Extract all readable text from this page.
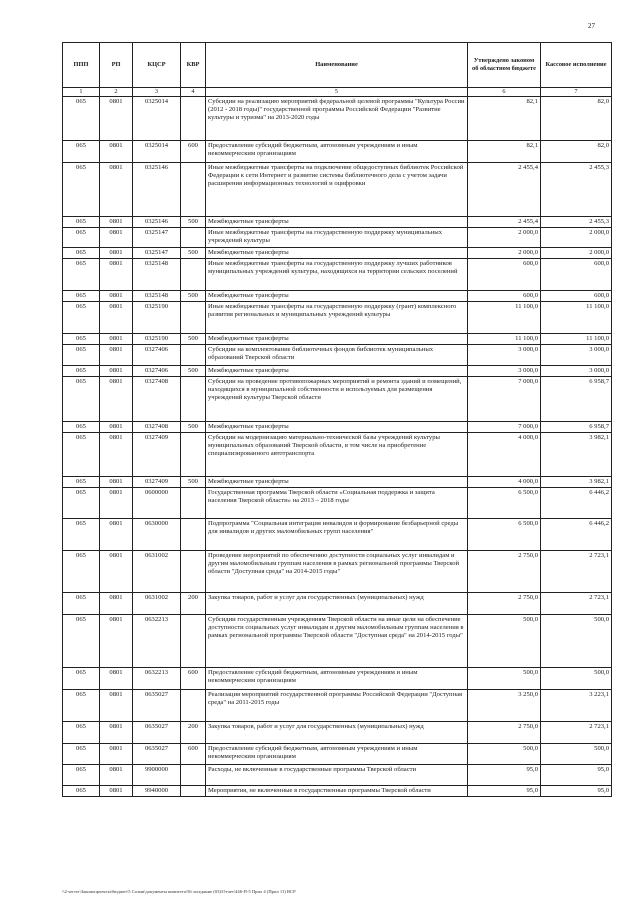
27
ППП	РП	КЦСР	КВР	Наименование	Утверждено законом об областном бюджете	Кассовое исполнение
1	2	3	4	5	6	7
065	0801	0325014		Субсидии на реализацию мероприятий федеральной целевой программы "Культура России (2012 - 2018 годы)" государственной программы Российской Федерации "Развитие культуры и туризма" на 2013-2020 годы	82,1	82,0
065	0801	0325014	600	Предоставление субсидий бюджетным, автономным учреждениям и иным некоммерческим организациям	82,1	82,0
065	0801	0325146		Иные межбюджетные трансферты на подключение общедоступных библиотек Российской Федерации к сети Интернет и развитие системы библиотечного дела с учетом задачи расширения информационных технологий и оцифровки	2 455,4	2 455,3
065	0801	0325146	500	Межбюджетные трансферты	2 455,4	2 455,3
065	0801	0325147		Иные межбюджетные трансферты на государственную поддержку муниципальных учреждений культуры	2 000,0	2 000,0
065	0801	0325147	500	Межбюджетные трансферты	2 000,0	2 000,0
065	0801	0325148		Иные межбюджетные трансферты на государственную поддержку лучших работников муниципальных учреждений культуры, находящихся на территории сельских поселений	600,0	600,0
065	0801	0325148	500	Межбюджетные трансферты	600,0	600,0
065	0801	0325190		Иные межбюджетные трансферты на государственную поддержку (грант) комплексного развития региональных и муниципальных учреждений культуры	11 100,0	11 100,0
065	0801	0325190	500	Межбюджетные трансферты	11 100,0	11 100,0
065	0801	0327406		Субсидии на комплектование библиотечных фондов библиотек муниципальных образований Тверской области	3 000,0	3 000,0
065	0801	0327406	500	Межбюджетные трансферты	3 000,0	3 000,0
065	0801	0327408		Субсидии на проведение противопожарных мероприятий и ремонта зданий и помещений, находящихся в муниципальной собственности и используемых для размещения учреждений культуры Тверской области	7 000,0	6 958,7
065	0801	0327408	500	Межбюджетные трансферты	7 000,0	6 958,7
065	0801	0327409		Субсидии на модернизацию материально-технической базы учреждений культуры муниципальных образований Тверской области, в том числе на приобретение специализированного автотранспорта	4 000,0	3 982,1
065	0801	0327409	500	Межбюджетные трансферты	4 000,0	3 982,1
065	0801	0600000		Государственная программа Тверской области «Социальная поддержка и защита населения Тверской области» на 2013 – 2018 годы	6 500,0	6 446,2
065	0801	0630000		Подпрограмма "Социальная интеграция инвалидов и формирование безбарьерной среды для инвалидов и других маломобильных групп населения"	6 500,0	6 446,2
065	0801	0631002		Проведение мероприятий по обеспечению доступности социальных услуг инвалидам и другим маломобильным группам населения в рамках региональной программы Тверской области "Доступная среда" на 2014-2015 годы"	2 750,0	2 723,1
065	0801	0631002	200	Закупка товаров, работ и услуг для государственных (муниципальных) нужд	2 750,0	2 723,1
065	0801	0632213		Субсидии государственным учреждениям Тверской области на иные цели на обеспечение доступности социальных услуг инвалидам и другим маломобильным группам населения в рамках региональной программы Тверской области "Доступная среда" на 2014-2015 годы"	500,0	500,0
065	0801	0632213	600	Предоставление субсидий бюджетным, автономным учреждениям и иным некоммерческим организациям	500,0	500,0
065	0801	0635027		Реализация мероприятий государственной программы Российской Федерации "Доступная среда" на 2011-2015 годы	3 250,0	3 223,1
065	0801	0635027	200	Закупка товаров, работ и услуг для государственных (муниципальных) нужд	2 750,0	2 723,1
065	0801	0635027	600	Предоставление субсидий бюджетным, автономным учреждениям и иным некоммерческим организациям	500,0	500,0
065	0801	9900000		Расходы, не включенные в государственные программы Тверской области	95,0	95,0
065	0801	9940000		Мероприятия, не включенные в государственные программы Тверской области	95,0	95,0
\\2-server\Законопроекты\бюджет\5 Созыв\документы комитета\56 заседание (03)\Отчет\446-П-5 Прил 4 (Прил 11) ВСР
